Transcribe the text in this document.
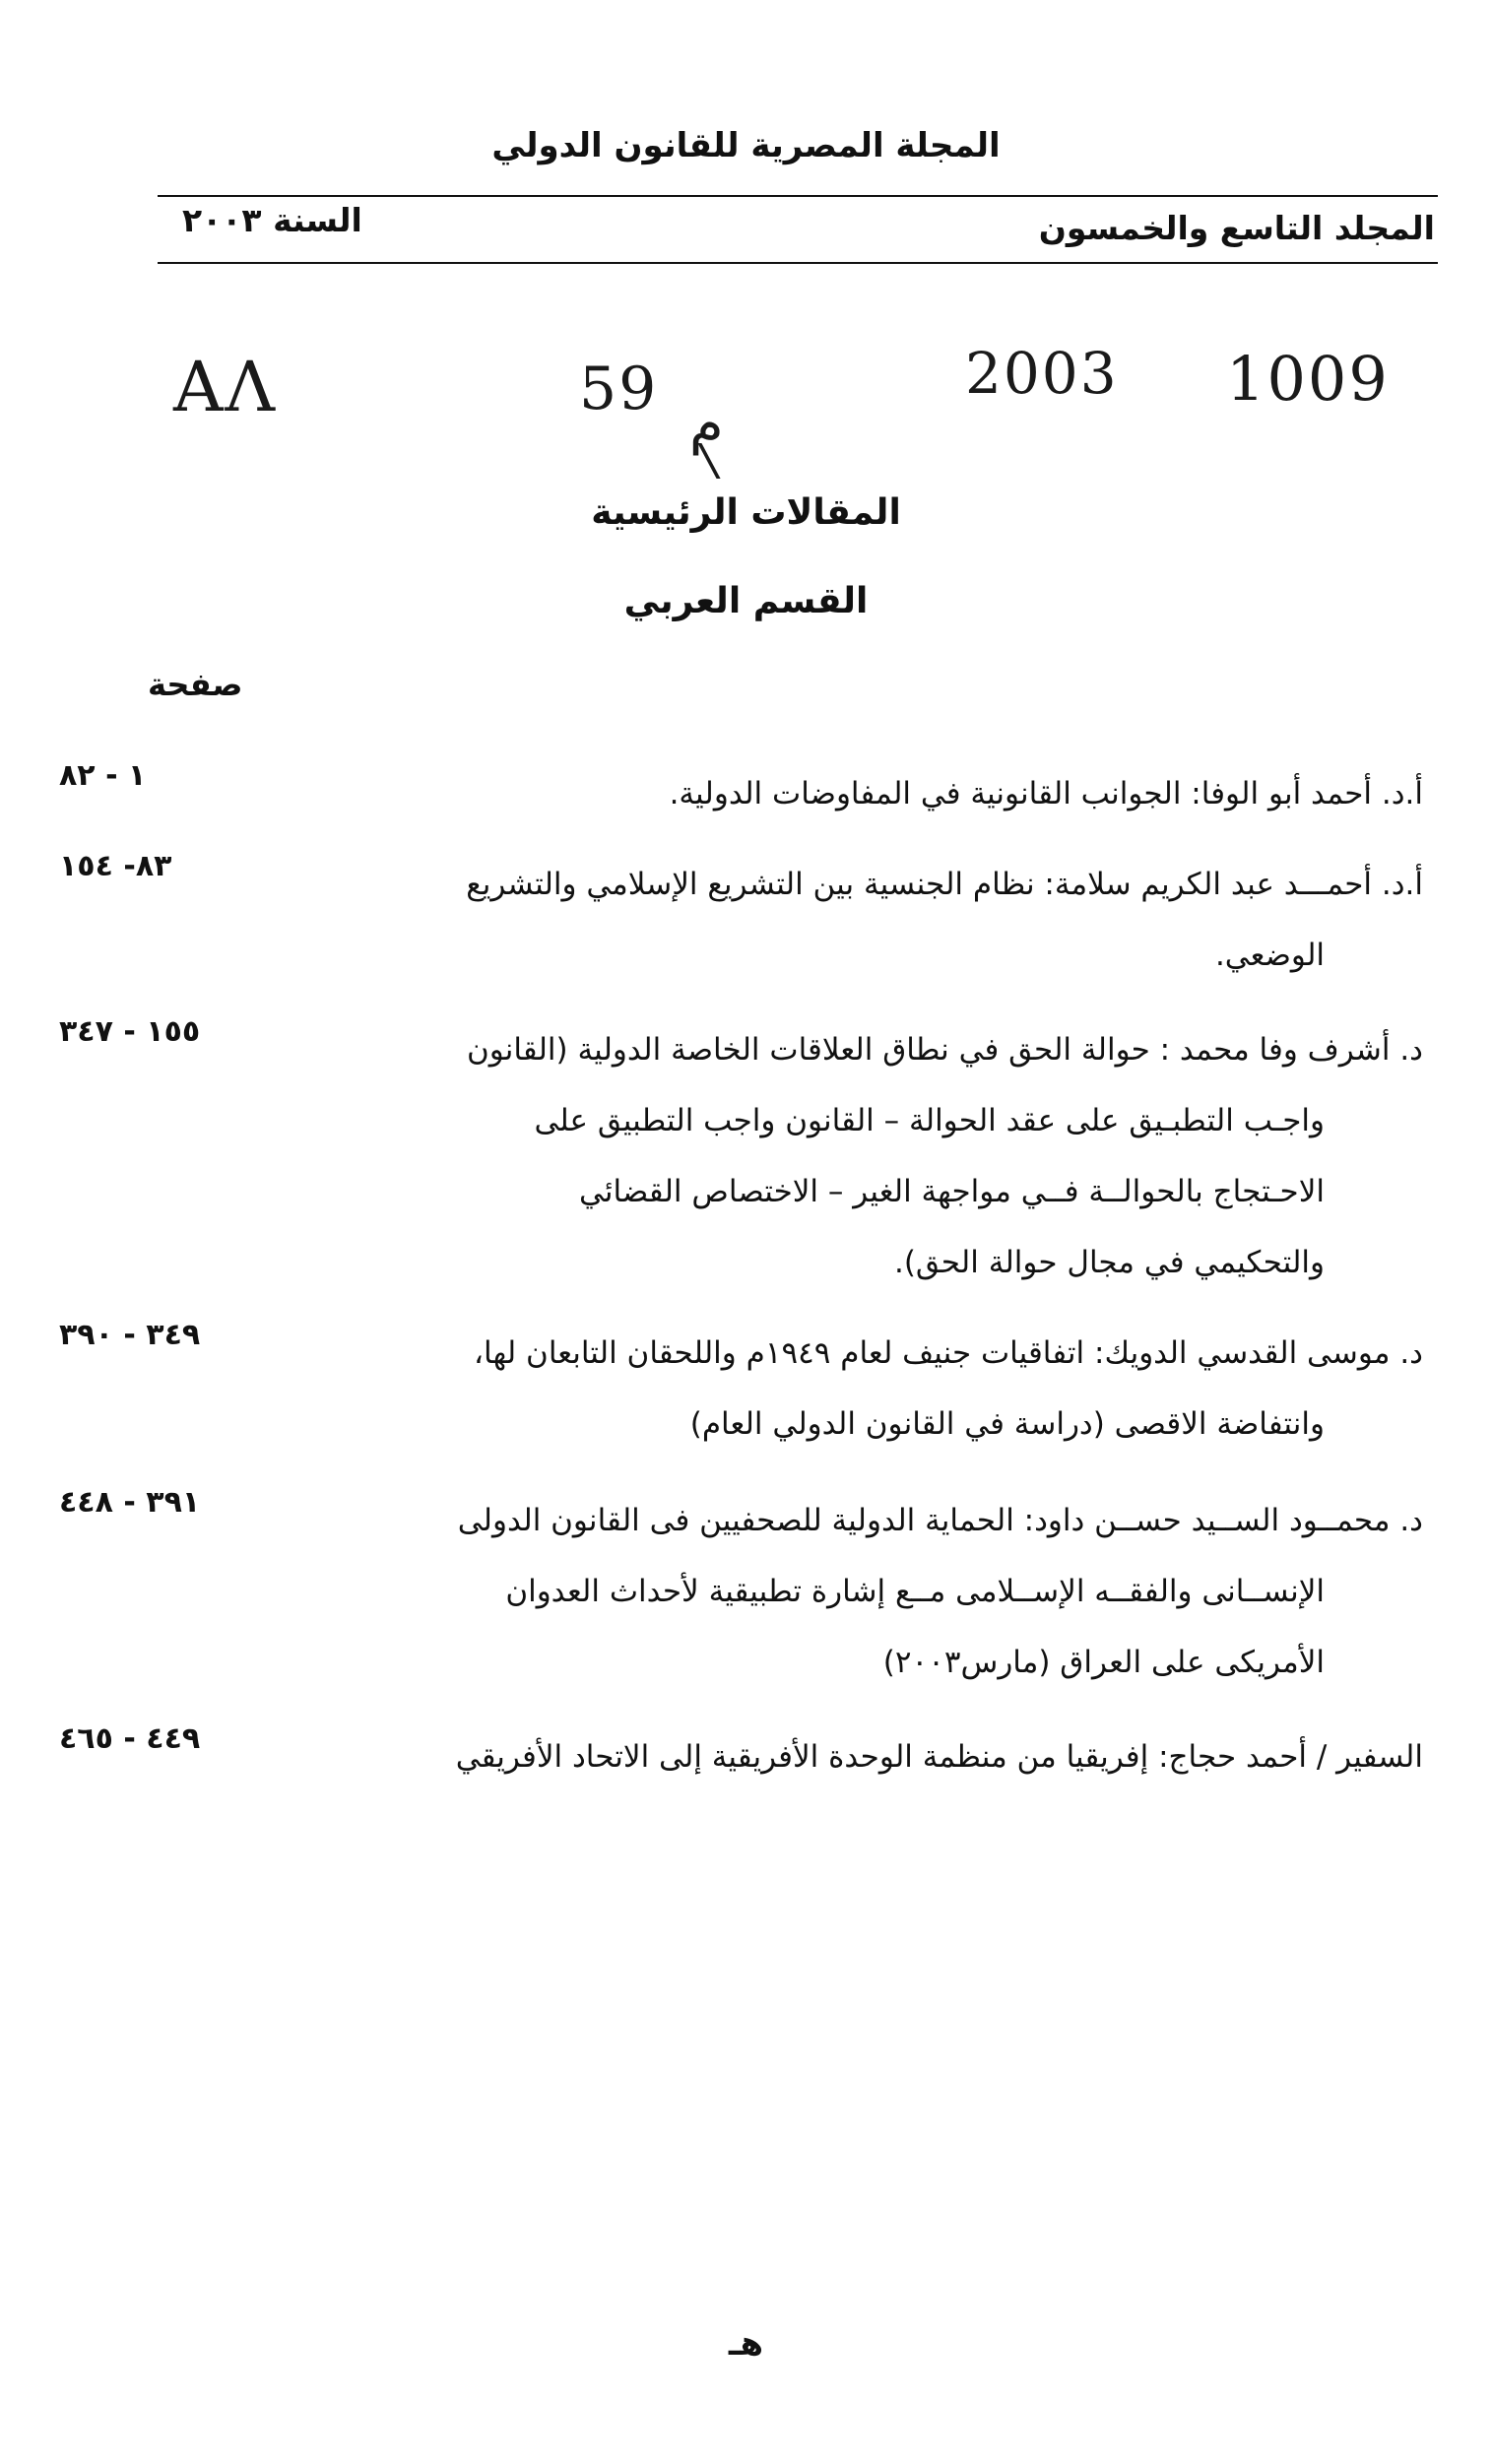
المجلة المصرية للقانون الدولي
المجلد التاسع والخمسون
السنة ٢٠٠٣
AΛ	59
م
2003 1009
المقالات الرئيسية
القسم العربي
صفحة
١ - ٨٢
أ.د. أحمد أبو الوفا: الجوانب القانونية في المفاوضات الدولية.
٨٣- ١٥٤
أ.د. أحمـــد عبد الكريم سلامة: نظام الجنسية بين التشريع الإسلامي والتشريع
الوضعي.
١٥٥ - ٣٤٧
د. أشرف وفا محمد : حوالة الحق في نطاق العلاقات الخاصة الدولية (القانون
واجـب التطبـيق على عقد الحوالة – القانون واجب التطبيق على
الاحـتجاج بالحوالــة فــي مواجهة الغير – الاختصاص القضائي
والتحكيمي في مجال حوالة الحق).
٣٤٩ - ٣٩٠
د. موسى القدسي الدويك: اتفاقيات جنيف لعام ١٩٤٩م واللحقان التابعان لها،
وانتفاضة الاقصى (دراسة في القانون الدولي العام)
٣٩١ - ٤٤٨
د. محمــود الســيد حســن داود: الحماية الدولية للصحفيين فى القانون الدولى
الإنســانى والفقــه الإســلامى مــع إشارة تطبيقية لأحداث العدوان
الأمريكى على العراق (مارس٢٠٠٣)
٤٤٩ - ٤٦٥
السفير / أحمد حجاج: إفريقيا من منظمة الوحدة الأفريقية إلى الاتحاد الأفريقي
هـ
